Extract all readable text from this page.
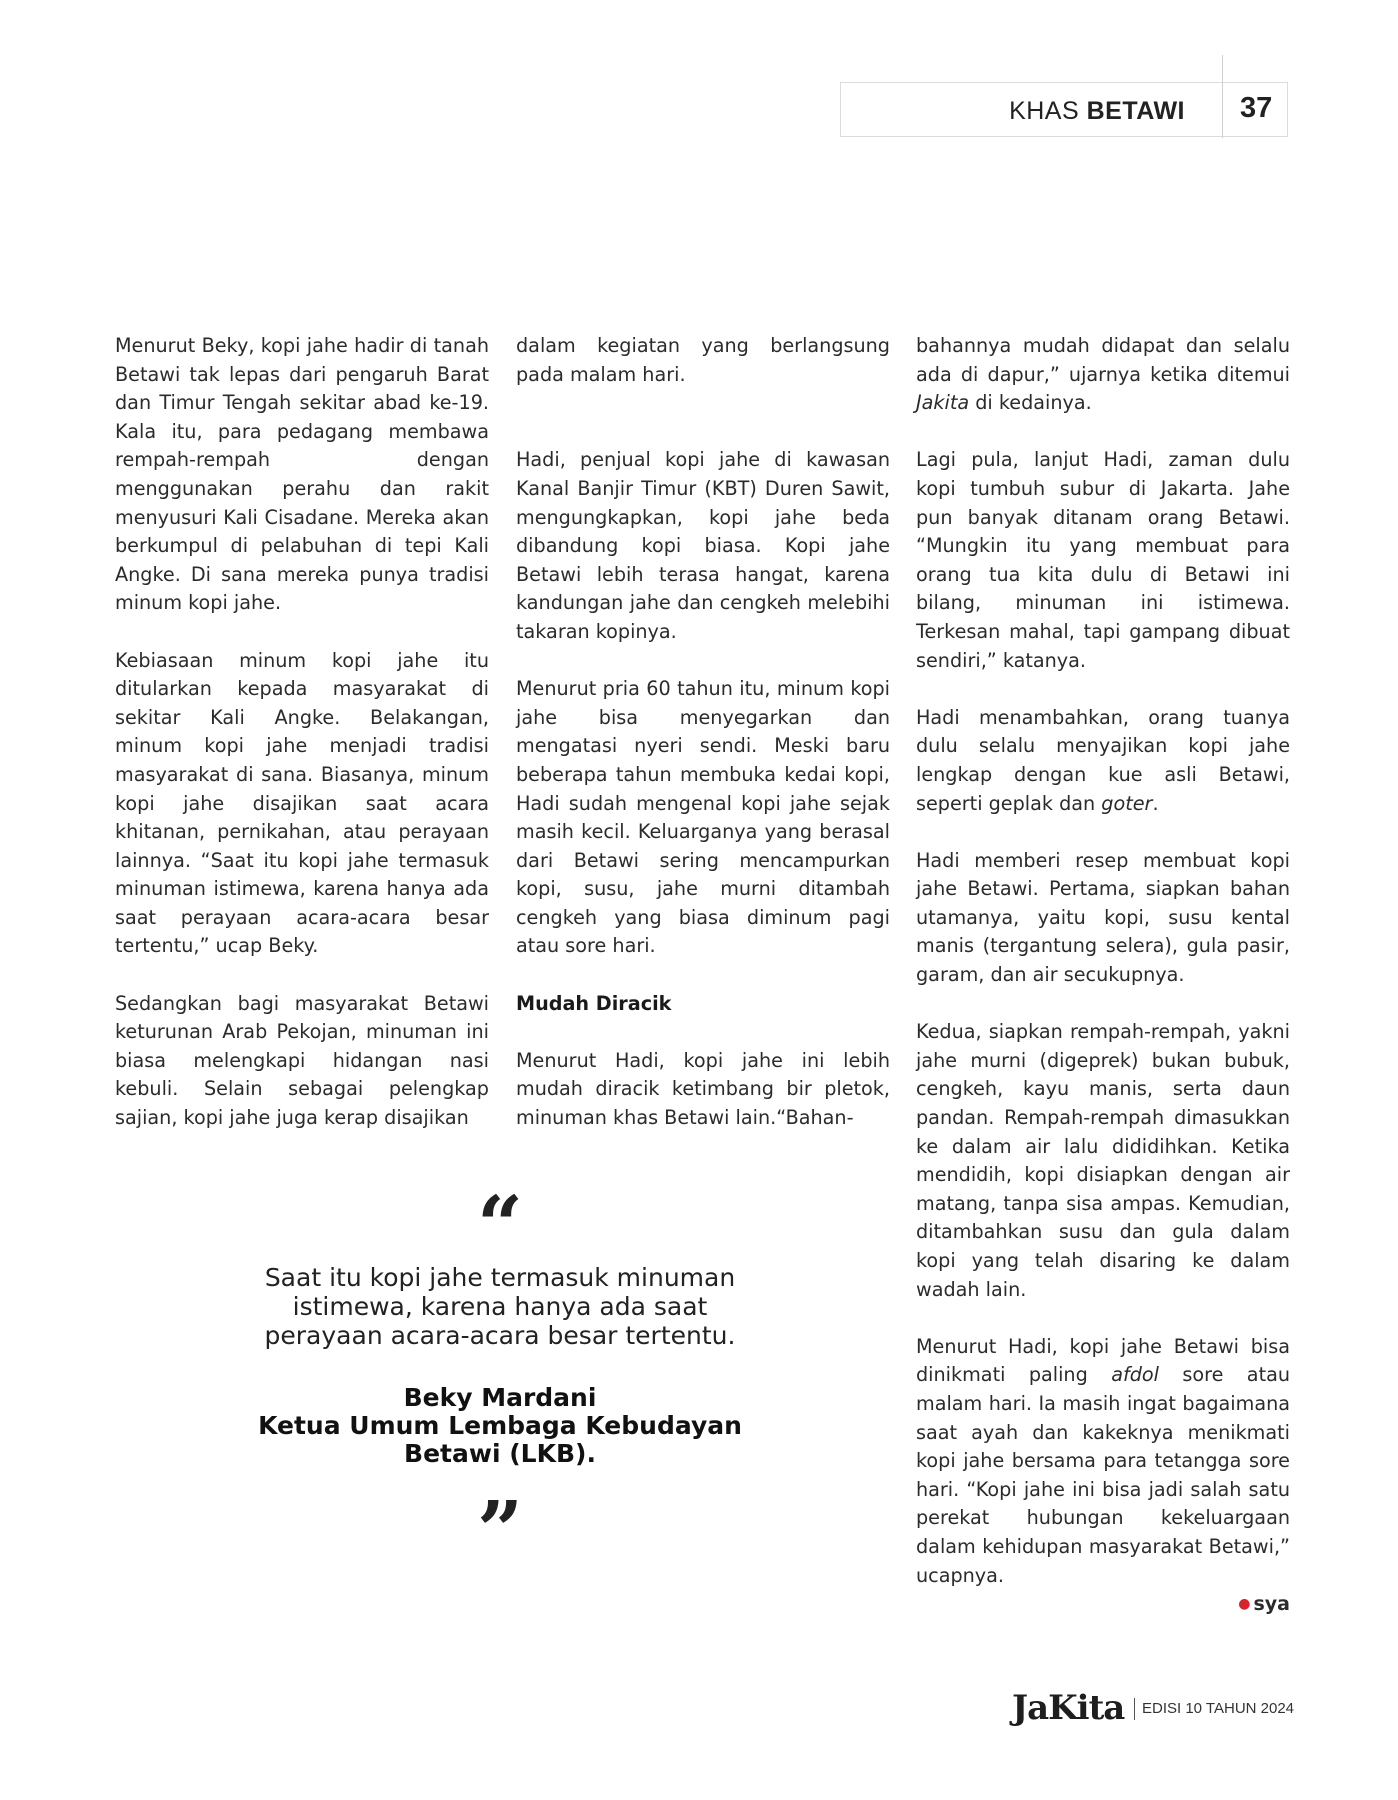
KHAS BETAWI 37

Menurut Beky, kopi jahe hadir di tanah Betawi tak lepas dari pengaruh Barat dan Timur Tengah sekitar abad ke-19. Kala itu, para pedagang membawa rempah-rempah dengan menggunakan perahu dan rakit menyusuri Kali Cisadane. Mereka akan berkumpul di pelabuhan di tepi Kali Angke. Di sana mereka punya tradisi minum kopi jahe.

Kebiasaan minum kopi jahe itu ditularkan kepada masyarakat di sekitar Kali Angke. Belakangan, minum kopi jahe menjadi tradisi masyarakat di sana. Biasanya, minum kopi jahe disajikan saat acara khitanan, pernikahan, atau perayaan lainnya. “Saat itu kopi jahe termasuk minuman istimewa, karena hanya ada saat perayaan acara-acara besar tertentu,” ucap Beky.

Sedangkan bagi masyarakat Betawi keturunan Arab Pekojan, minuman ini biasa melengkapi hidangan nasi kebuli. Selain sebagai pelengkap sajian, kopi jahe juga kerap disajikan

dalam kegiatan yang berlangsung pada malam hari.

Hadi, penjual kopi jahe di kawasan Kanal Banjir Timur (KBT) Duren Sawit, mengungkapkan, kopi jahe beda dibandung kopi biasa. Kopi jahe Betawi lebih terasa hangat, karena kandungan jahe dan cengkeh melebihi takaran kopinya.

Menurut pria 60 tahun itu, minum kopi jahe bisa menyegarkan dan mengatasi nyeri sendi. Meski baru beberapa tahun membuka kedai kopi, Hadi sudah mengenal kopi jahe sejak masih kecil. Keluarganya yang berasal dari Betawi sering mencampurkan kopi, susu, jahe murni ditambah cengkeh yang biasa diminum pagi atau sore hari.

Mudah Diracik

Menurut Hadi, kopi jahe ini lebih mudah diracik ketimbang bir pletok, minuman khas Betawi lain.“Bahan-

bahannya mudah didapat dan selalu ada di dapur,” ujarnya ketika ditemui Jakita di kedainya.

Lagi pula, lanjut Hadi, zaman dulu kopi tumbuh subur di Jakarta. Jahe pun banyak ditanam orang Betawi. “Mungkin itu yang membuat para orang tua kita dulu di Betawi ini bilang, minuman ini istimewa. Terkesan mahal, tapi gampang dibuat sendiri,” katanya.

Hadi menambahkan, orang tuanya dulu selalu menyajikan kopi jahe lengkap dengan kue asli Betawi, seperti geplak dan goter.

Hadi memberi resep membuat kopi jahe Betawi. Pertama, siapkan bahan utamanya, yaitu kopi, susu kental manis (tergantung selera), gula pasir, garam, dan air secukupnya.

Kedua, siapkan rempah-rempah, yakni jahe murni (digeprek) bukan bubuk, cengkeh, kayu manis, serta daun pandan. Rempah-rempah dimasukkan ke dalam air lalu dididihkan. Ketika mendidih, kopi disiapkan dengan air matang, tanpa sisa ampas. Kemudian, ditambahkan susu dan gula dalam kopi yang telah disaring ke dalam wadah lain.

Menurut Hadi, kopi jahe Betawi bisa dinikmati paling afdol sore atau malam hari. Ia masih ingat bagaimana saat ayah dan kakeknya menikmati kopi jahe bersama para tetangga sore hari. “Kopi jahe ini bisa jadi salah satu perekat hubungan kekeluargaan dalam kehidupan masyarakat Betawi,” ucapnya.

● sya
“

Saat itu kopi jahe termasuk minuman istimewa, karena hanya ada saat perayaan acara-acara besar tertentu.

Beky Mardani

Ketua Umum Lembaga Kebudayan Betawi (LKB).

”
JaKita EDISI 10 TAHUN 2024
